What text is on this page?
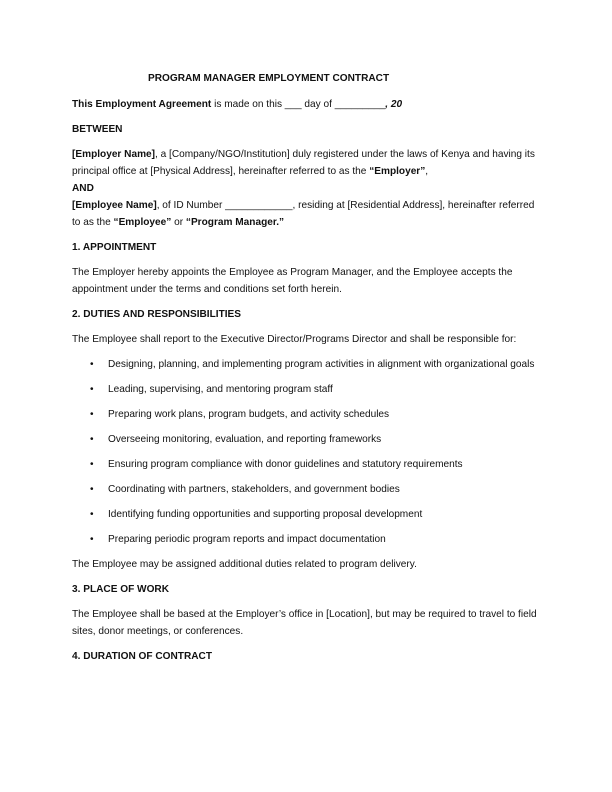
PROGRAM MANAGER EMPLOYMENT CONTRACT

This Employment Agreement is made on this ___ day of _________, 20

BETWEEN

[Employer Name], a [Company/NGO/Institution] duly registered under the laws of Kenya and having its principal office at [Physical Address], hereinafter referred to as the “Employer”,

AND

[Employee Name], of ID Number ____________, residing at [Residential Address], hereinafter referred to as the “Employee” or “Program Manager.”

1. APPOINTMENT

The Employer hereby appoints the Employee as Program Manager, and the Employee accepts the appointment under the terms and conditions set forth herein.

2. DUTIES AND RESPONSIBILITIES

The Employee shall report to the Executive Director/Programs Director and shall be responsible for:

• Designing, planning, and implementing program activities in alignment with organizational goals
• Leading, supervising, and mentoring program staff
• Preparing work plans, program budgets, and activity schedules
• Overseeing monitoring, evaluation, and reporting frameworks
• Ensuring program compliance with donor guidelines and statutory requirements
• Coordinating with partners, stakeholders, and government bodies
• Identifying funding opportunities and supporting proposal development
• Preparing periodic program reports and impact documentation

The Employee may be assigned additional duties related to program delivery.

3. PLACE OF WORK

The Employee shall be based at the Employer’s office in [Location], but may be required to travel to field sites, donor meetings, or conferences.

4. DURATION OF CONTRACT
